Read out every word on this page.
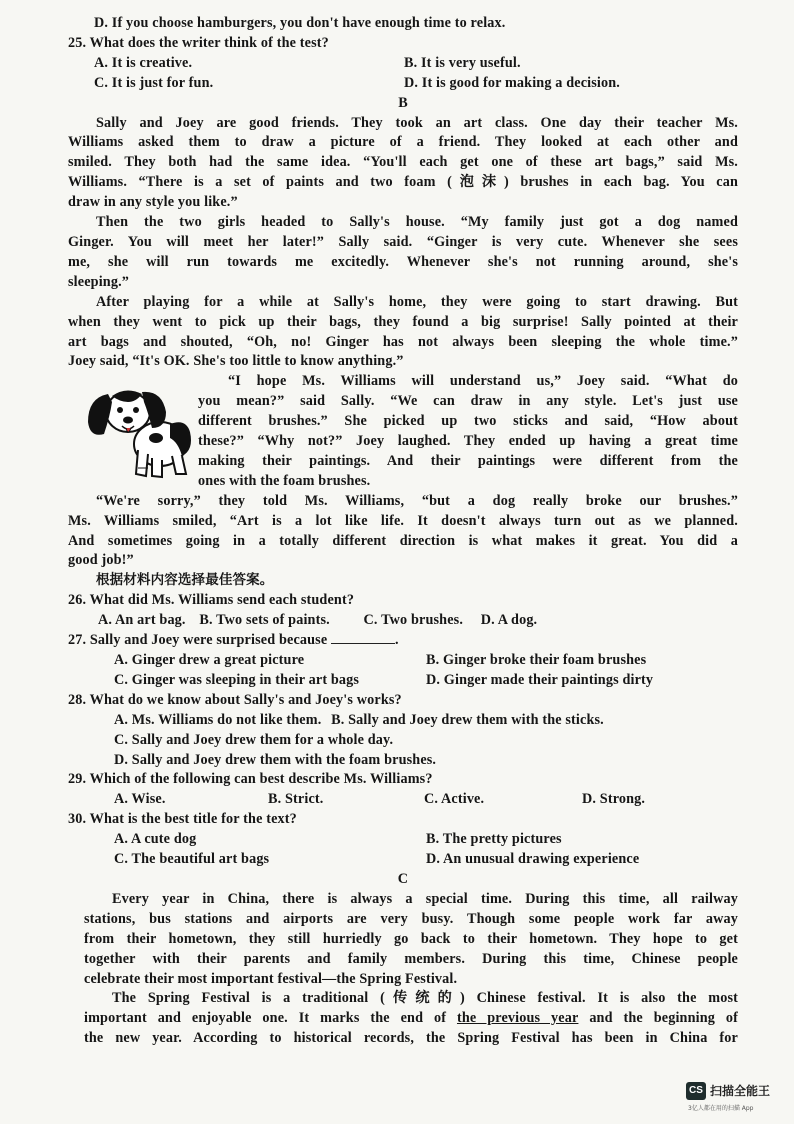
D. If you choose hamburgers, you don't have enough time to relax.
25. What does the writer think of the test?
A. It is creative.	B. It is very useful.
C. It is just for fun.	D. It is good for making a decision.
B
Sally and Joey are good friends. They took an art class. One day their teacher Ms.
Williams asked them to draw a picture of a friend. They looked at each other and
smiled. They both had the same idea. “You'll each get one of these art bags,” said Ms.
Williams. “There is a set of paints and two foam (泡沫) brushes in each bag. You can
draw in any style you like.”
Then the two girls headed to Sally's house. “My family just got a dog named
Ginger. You will meet her later!” Sally said. “Ginger is very cute. Whenever she sees
me, she will run towards me excitedly. Whenever she's not running around, she's
sleeping.”
After playing for a while at Sally's home, they were going to start drawing. But
when they went to pick up their bags, they found a big surprise! Sally pointed at their
art bags and shouted, “Oh, no! Ginger has not always been sleeping the whole time.”
Joey said, “It's OK. She's too little to know anything.”
“I hope Ms. Williams will understand us,” Joey said. “What do
you mean?” said Sally. “We can draw in any style. Let's just use
different brushes.” She picked up two sticks and said, “How about
these?” “Why not?” Joey laughed. They ended up having a great time
making their paintings. And their paintings were different from the
ones with the foam brushes.
“We're sorry,” they told Ms. Williams, “but a dog really broke our brushes.”
Ms. Williams smiled, “Art is a lot like life. It doesn't always turn out as we planned.
And sometimes going in a totally different direction is what makes it great. You did a
good job!”
根据材料内容选择最佳答案。
26. What did Ms. Williams send each student?
A. An art bag. B. Two sets of paints. C. Two brushes. D. A dog.
27. Sally and Joey were surprised because	.
A. Ginger drew a great picture	B. Ginger broke their foam brushes
C. Ginger was sleeping in their art bags	D. Ginger made their paintings dirty
28. What do we know about Sally's and Joey's works?
A. Ms. Williams do not like them. B. Sally and Joey drew them with the sticks.
C. Sally and Joey drew them for a whole day.
D. Sally and Joey drew them with the foam brushes.
29. Which of the following can best describe Ms. Williams?
A. Wise.	B. Strict.	C. Active.	D. Strong.
30. What is the best title for the text?
A. A cute dog	B. The pretty pictures
C. The beautiful art bags	D. An unusual drawing experience
C
Every year in China, there is always a special time. During this time, all railway
stations, bus stations and airports are very busy. Though some people work far away
from their hometown, they still hurriedly go back to their hometown. They hope to get
together with their parents and family members. During this time, Chinese people
celebrate their most important festival—the Spring Festival.
The Spring Festival is a traditional (传统的) Chinese festival. It is also the most
important and enjoyable one. It marks the end of the previous year and the beginning of
the new year. According to historical records, the Spring Festival has been in China for
CS 扫描全能王
3亿人都在用的扫描 App
